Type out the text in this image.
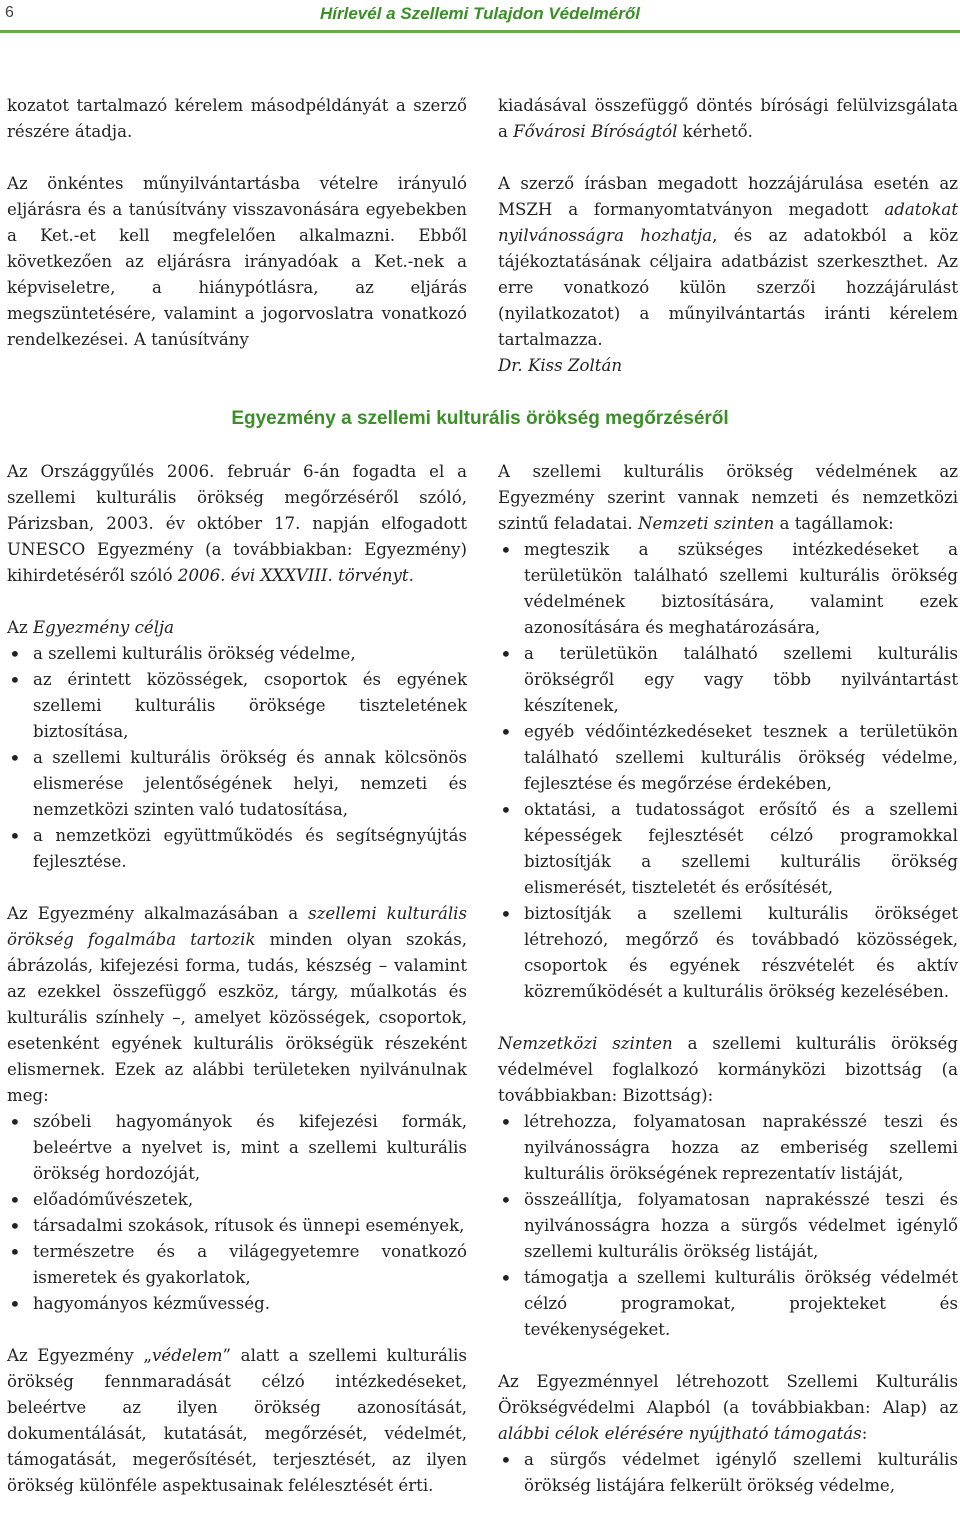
6	Hírlevél a Szellemi Tulajdon Védelméről

kozatot tartalmazó kérelem másodpéldányát a szerző részére átadja.

Az önkéntes műnyilvántartásba vételre irányuló eljárásra és a tanúsítvány visszavonására egyebekben a Ket.-et kell megfelelően alkalmazni. Ebből következően az eljárásra irányadóak a Ket.-nek a képviseletre, a hiánypótlásra, az eljárás megszüntetésére, valamint a jogorvoslatra vonatkozó rendelkezései. A tanúsítvány

kiadásával összefüggő döntés bírósági felülvizsgálata a Fővárosi Bíróságtól kérhető.

A szerző írásban megadott hozzájárulása esetén az MSZH a formanyomtatványon megadott adatokat nyilvánosságra hozhatja, és az adatokból a köz tájékoztatásának céljaira adatbázist szerkeszthet. Az erre vonatkozó külön szerzői hozzájárulást (nyilatkozatot) a műnyilvántartás iránti kérelem tartalmazza.

Dr. Kiss Zoltán

Egyezmény a szellemi kulturális örökség megőrzéséről

Az Országgyűlés 2006. február 6-án fogadta el a szellemi kulturális örökség megőrzéséről szóló, Párizsban, 2003. év október 17. napján elfogadott UNESCO Egyezmény (a továbbiakban: Egyezmény) kihirdetéséről szóló 2006. évi XXXVIII. törvényt.

Az Egyezmény célja

• a szellemi kulturális örökség védelme,
• az érintett közösségek, csoportok és egyének szellemi kulturális öröksége tiszteletének biztosítása,
• a szellemi kulturális örökség és annak kölcsönös elismerése jelentőségének helyi, nemzeti és nemzetközi szinten való tudatosítása,
• a nemzetközi együttműködés és segítségnyújtás fejlesztése.

Az Egyezmény alkalmazásában a szellemi kulturális örökség fogalmába tartozik minden olyan szokás, ábrázolás, kifejezési forma, tudás, készség – valamint az ezekkel összefüggő eszköz, tárgy, műalkotás és kulturális színhely –, amelyet közösségek, csoportok, esetenként egyének kulturális örökségük részeként elismernek. Ezek az alábbi területeken nyilvánulnak meg:

• szóbeli hagyományok és kifejezési formák, beleértve a nyelvet is, mint a szellemi kulturális örökség hordozóját,
• előadóművészetek,
• társadalmi szokások, rítusok és ünnepi események,
• természetre és a világegyetemre vonatkozó ismeretek és gyakorlatok,
• hagyományos kézművesség.

Az Egyezmény „védelem” alatt a szellemi kulturális örökség fennmaradását célzó intézkedéseket, beleértve az ilyen örökség azonosítását, dokumentálását, kutatását, megőrzését, védelmét, támogatását, megerősítését, terjesztését, az ilyen örökség különféle aspektusainak felélesztését érti.

A szellemi kulturális örökség védelmének az Egyezmény szerint vannak nemzeti és nemzetközi szintű feladatai. Nemzeti szinten a tagállamok:

• megteszik a szükséges intézkedéseket a területükön található szellemi kulturális örökség védelmének biztosítására, valamint ezek azonosítására és meghatározására,
• a területükön található szellemi kulturális örökségről egy vagy több nyilvántartást készítenek,
• egyéb védőintézkedéseket tesznek a területükön található szellemi kulturális örökség védelme, fejlesztése és megőrzése érdekében,
• oktatási, a tudatosságot erősítő és a szellemi képességek fejlesztését célzó programokkal biztosítják a szellemi kulturális örökség elismerését, tiszteletét és erősítését,
• biztosítják a szellemi kulturális örökséget létrehozó, megőrző és továbbadó közösségek, csoportok és egyének részvételét és aktív közreműködését a kulturális örökség kezelésében.

Nemzetközi szinten a szellemi kulturális örökség védelmével foglalkozó kormányközi bizottság (a továbbiakban: Bizottság):

• létrehozza, folyamatosan naprakésszé teszi és nyilvánosságra hozza az emberiség szellemi kulturális örökségének reprezentatív listáját,
• összeállítja, folyamatosan naprakésszé teszi és nyilvánosságra hozza a sürgős védelmet igénylő szellemi kulturális örökség listáját,
• támogatja a szellemi kulturális örökség védelmét célzó programokat, projekteket és tevékenységeket.

Az Egyezménnyel létrehozott Szellemi Kulturális Örökségvédelmi Alapból (a továbbiakban: Alap) az alábbi célok elérésére nyújtható támogatás:

• a sürgős védelmet igénylő szellemi kulturális örökség listájára felkerült örökség védelme,
